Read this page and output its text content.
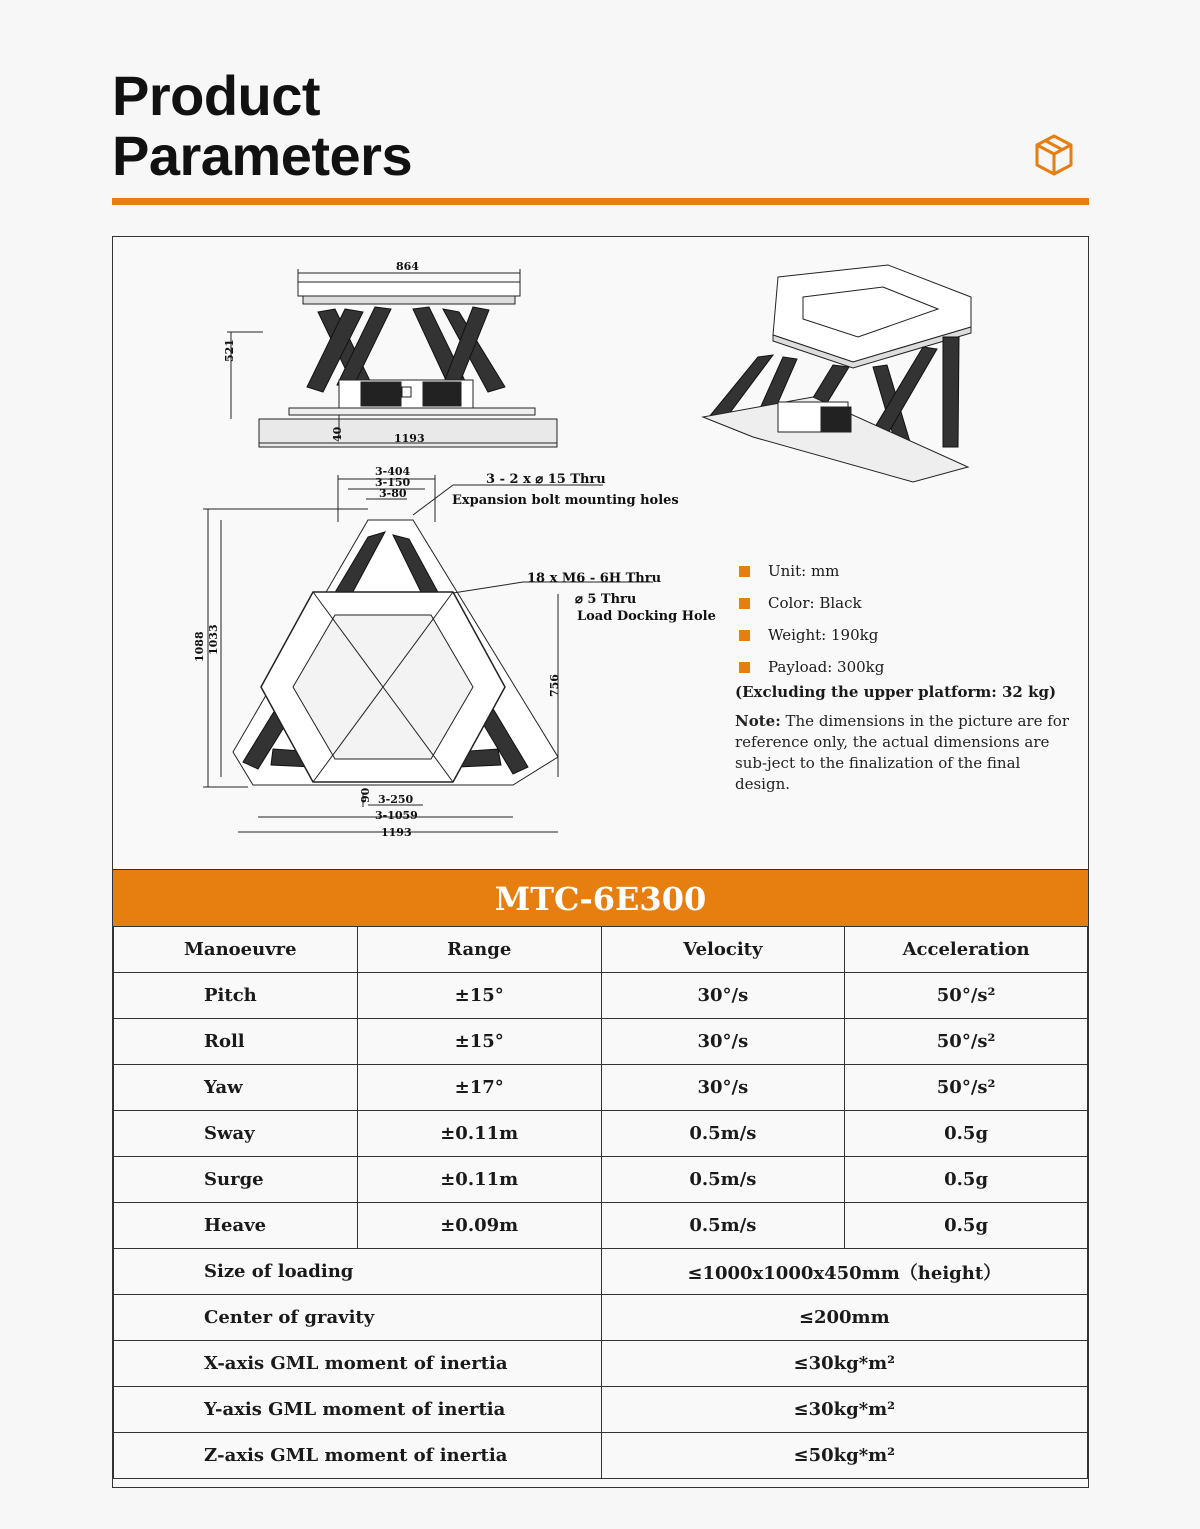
Product
Parameters
864
521
40	1193
3-404
3-150
3-80
1088 1033
756
90 3-250
3-1059
1193
3 - 2 x ⌀ 15 Thru
Expansion bolt mounting holes
18 x M6 - 6H Thru
⌀ 5 Thru
Load Docking Hole
Unit: mm
Color: Black
Weight: 190kg
Payload: 300kg
(Excluding the upper platform: 32 kg)
Note: The dimensions in the picture are for reference only, the actual dimensions are sub-ject to the finalization of the final design.
MTC-6E300
Manoeuvre	Range	Velocity	Acceleration
Pitch	±15°	30°/s	50°/s²
Roll	±15°	30°/s	50°/s²
Yaw	±17°	30°/s	50°/s²
Sway	±0.11m	0.5m/s	0.5g
Surge	±0.11m	0.5m/s	0.5g
Heave	±0.09m	0.5m/s	0.5g
Size of loading		≤1000x1000x450mm（height）	
Center of gravity		≤200mm	
X-axis GML moment of inertia		≤30kg*m²	
Y-axis GML moment of inertia		≤30kg*m²	
Z-axis GML moment of inertia		≤50kg*m²	
